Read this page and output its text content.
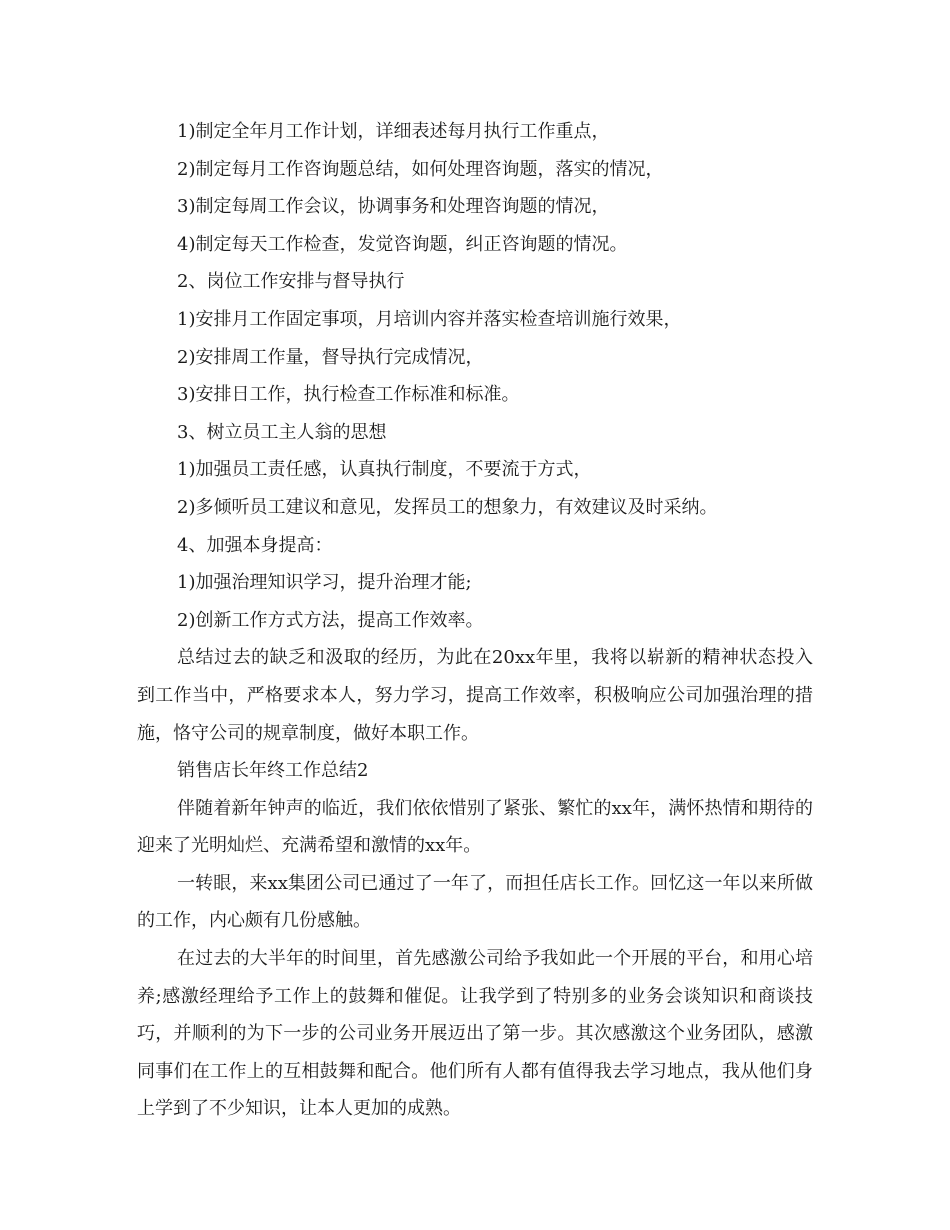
1)制定全年月工作计划，详细表述每月执行工作重点，

2)制定每月工作咨询题总结，如何处理咨询题，落实的情况，

3)制定每周工作会议，协调事务和处理咨询题的情况，

4)制定每天工作检查，发觉咨询题，纠正咨询题的情况。

2、岗位工作安排与督导执行

1)安排月工作固定事项，月培训内容并落实检查培训施行效果，

2)安排周工作量，督导执行完成情况，

3)安排日工作，执行检查工作标准和标准。

3、树立员工主人翁的思想

1)加强员工责任感，认真执行制度，不要流于方式，

2)多倾听员工建议和意见，发挥员工的想象力，有效建议及时采纳。

4、加强本身提高：

1)加强治理知识学习，提升治理才能;

2)创新工作方式方法，提高工作效率。

总结过去的缺乏和汲取的经历，为此在20xx年里，我将以崭新的精神状态投入到工作当中，严格要求本人，努力学习，提高工作效率，积极响应公司加强治理的措施，恪守公司的规章制度，做好本职工作。

销售店长年终工作总结2

伴随着新年钟声的临近，我们依依惜别了紧张、繁忙的xx年，满怀热情和期待的迎来了光明灿烂、充满希望和激情的xx年。

一转眼，来xx集团公司已通过了一年了，而担任店长工作。回忆这一年以来所做的工作，内心颇有几份感触。

在过去的大半年的时间里，首先感激公司给予我如此一个开展的平台，和用心培养;感激经理给予工作上的鼓舞和催促。让我学到了特别多的业务会谈知识和商谈技巧，并顺利的为下一步的公司业务开展迈出了第一步。其次感激这个业务团队，感激同事们在工作上的互相鼓舞和配合。他们所有人都有值得我去学习地点，我从他们身上学到了不少知识，让本人更加的成熟。
